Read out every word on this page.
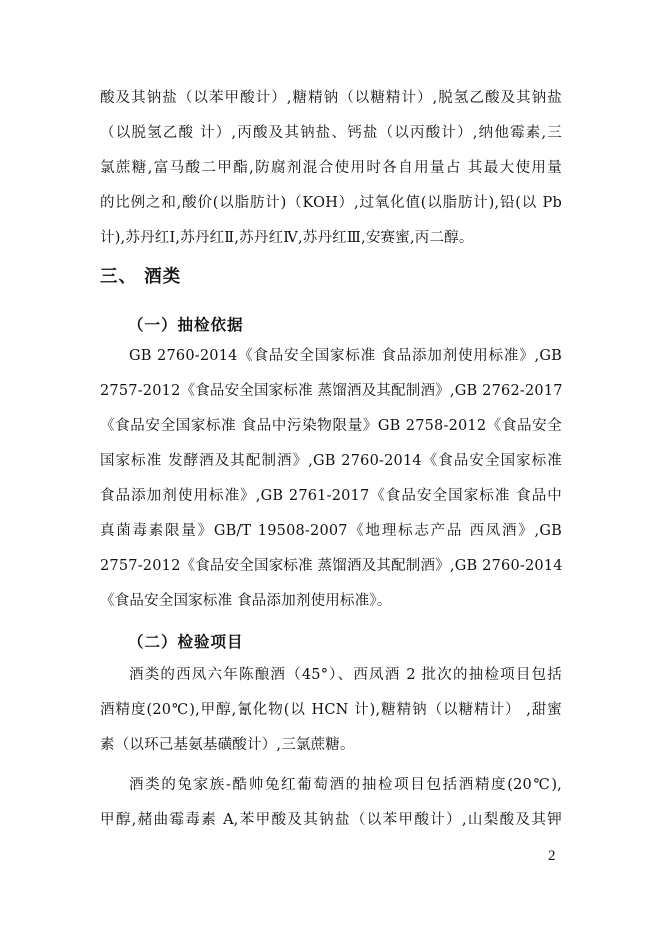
酸及其钠盐（以苯甲酸计）,糖精钠（以糖精计）,脱氢乙酸及其钠盐
（以脱氢乙酸 计）,丙酸及其钠盐、钙盐（以丙酸计）,纳他霉素,三
氯蔗糖,富马酸二甲酯,防腐剂混合使用时各自用量占 其最大使用量
的比例之和,酸价(以脂肪计)（KOH）,过氧化值(以脂肪计),铅(以 Pb
计),苏丹红Ⅰ,苏丹红Ⅱ,苏丹红Ⅳ,苏丹红Ⅲ,安赛蜜,丙二醇。
三、 酒类
（一）抽检依据
GB 2760-2014《食品安全国家标准 食品添加剂使用标准》,GB
2757-2012《食品安全国家标准 蒸馏酒及其配制酒》,GB 2762-2017
《食品安全国家标准 食品中污染物限量》GB 2758-2012《食品安全
国家标准 发酵酒及其配制酒》,GB 2760-2014《食品安全国家标准
食品添加剂使用标准》,GB 2761-2017《食品安全国家标准 食品中
真菌毒素限量》GB/T 19508-2007《地理标志产品 西凤酒》,GB
2757-2012《食品安全国家标准 蒸馏酒及其配制酒》,GB 2760-2014
《食品安全国家标准 食品添加剂使用标准》。
（二）检验项目
酒类的西凤六年陈酿酒（45°）、西凤酒 2 批次的抽检项目包括
酒精度(20℃),甲醇,氰化物(以 HCN 计),糖精钠（以糖精计） ,甜蜜
素（以环己基氨基磺酸计）,三氯蔗糖。
酒类的兔家族-酷帅兔红葡萄酒的抽检项目包括酒精度(20℃),
甲醇,赭曲霉毒素 A,苯甲酸及其钠盐（以苯甲酸计）,山梨酸及其钾
2
